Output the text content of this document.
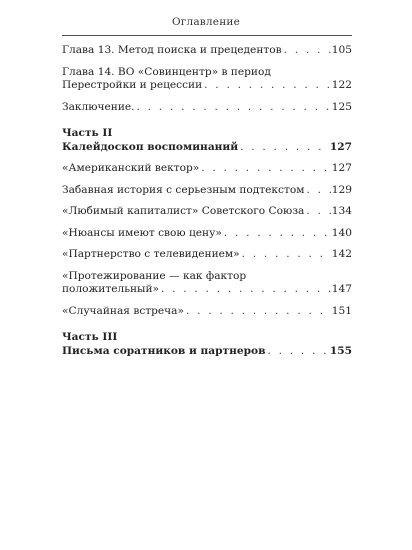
Оглавление
Глава 13. Метод поиска и прецедентов . . .	105
Глава 14. ВО «Совинцентр» в период
Перестройки и рецессии . . .	122
Заключение. . . .	125
Часть II
Калейдоскоп воспоминаний . . .	127
«Американский вектор» . . .	127
Забавная история с серьезным подтекстом . . .	129
«Любимый капиталист» Советского Союза . . .	134
«Нюансы имеют свою цену» . . .	140
«Партнерство с телевидением» . . .	142
«Протежирование — как фактор
положительный» . . .	147
«Случайная встреча» . . .	151
Часть III
Письма соратников и партнеров . . .	155
